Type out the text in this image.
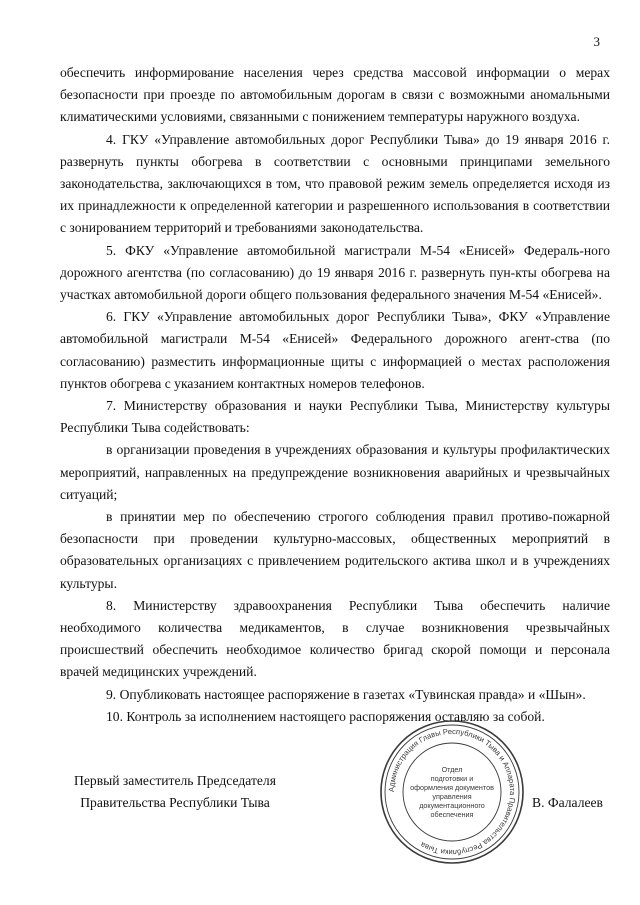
3

обеспечить информирование населения через средства массовой информации о мерах безопасности при проезде по автомобильным дорогам в связи с возможными аномальными климатическими условиями, связанными с понижением температуры наружного воздуха.

4. ГКУ «Управление автомобильных дорог Республики Тыва» до 19 января 2016 г. развернуть пункты обогрева в соответствии с основными принципами земельного законодательства, заключающихся в том, что правовой режим земель определяется исходя из их принадлежности к определенной категории и разрешенного использования в соответствии с зонированием территорий и требованиями законодательства.

5. ФКУ «Управление автомобильной магистрали М-54 «Енисей» Федераль-ного дорожного агентства (по согласованию) до 19 января 2016 г. развернуть пун-кты обогрева на участках автомобильной дороги общего пользования федерального значения М-54 «Енисей».

6. ГКУ «Управление автомобильных дорог Республики Тыва», ФКУ «Управление автомобильной магистрали М-54 «Енисей» Федерального дорожного агент-ства (по согласованию) разместить информационные щиты с информацией о местах расположения пунктов обогрева с указанием контактных номеров телефонов.

7. Министерству образования и науки Республики Тыва, Министерству культуры Республики Тыва содействовать:

в организации проведения в учреждениях образования и культуры профилактических мероприятий, направленных на предупреждение возникновения аварийных и чрезвычайных ситуаций;

в принятии мер по обеспечению строгого соблюдения правил противо-пожарной безопасности при проведении культурно-массовых, общественных мероприятий в образовательных организациях с привлечением родительского актива школ и в учреждениях культуры.

8. Министерству здравоохранения Республики Тыва обеспечить наличие необходимого количества медикаментов, в случае возникновения чрезвычайных происшествий обеспечить необходимое количество бригад скорой помощи и персонала врачей медицинских учреждений.

9. Опубликовать настоящее распоряжение в газетах «Тувинская правда» и «Шын».

10. Контроль за исполнением настоящего распоряжения оставляю за собой.

Администрация Главы Республики Тыва и Аппарата Правительства Республики Тыва
Отдел
подготовки и
оформления документов
управления
документационного
обеспечения
Первый заместитель Председателя
Правительства Республики Тыва	В. Фалалеев
